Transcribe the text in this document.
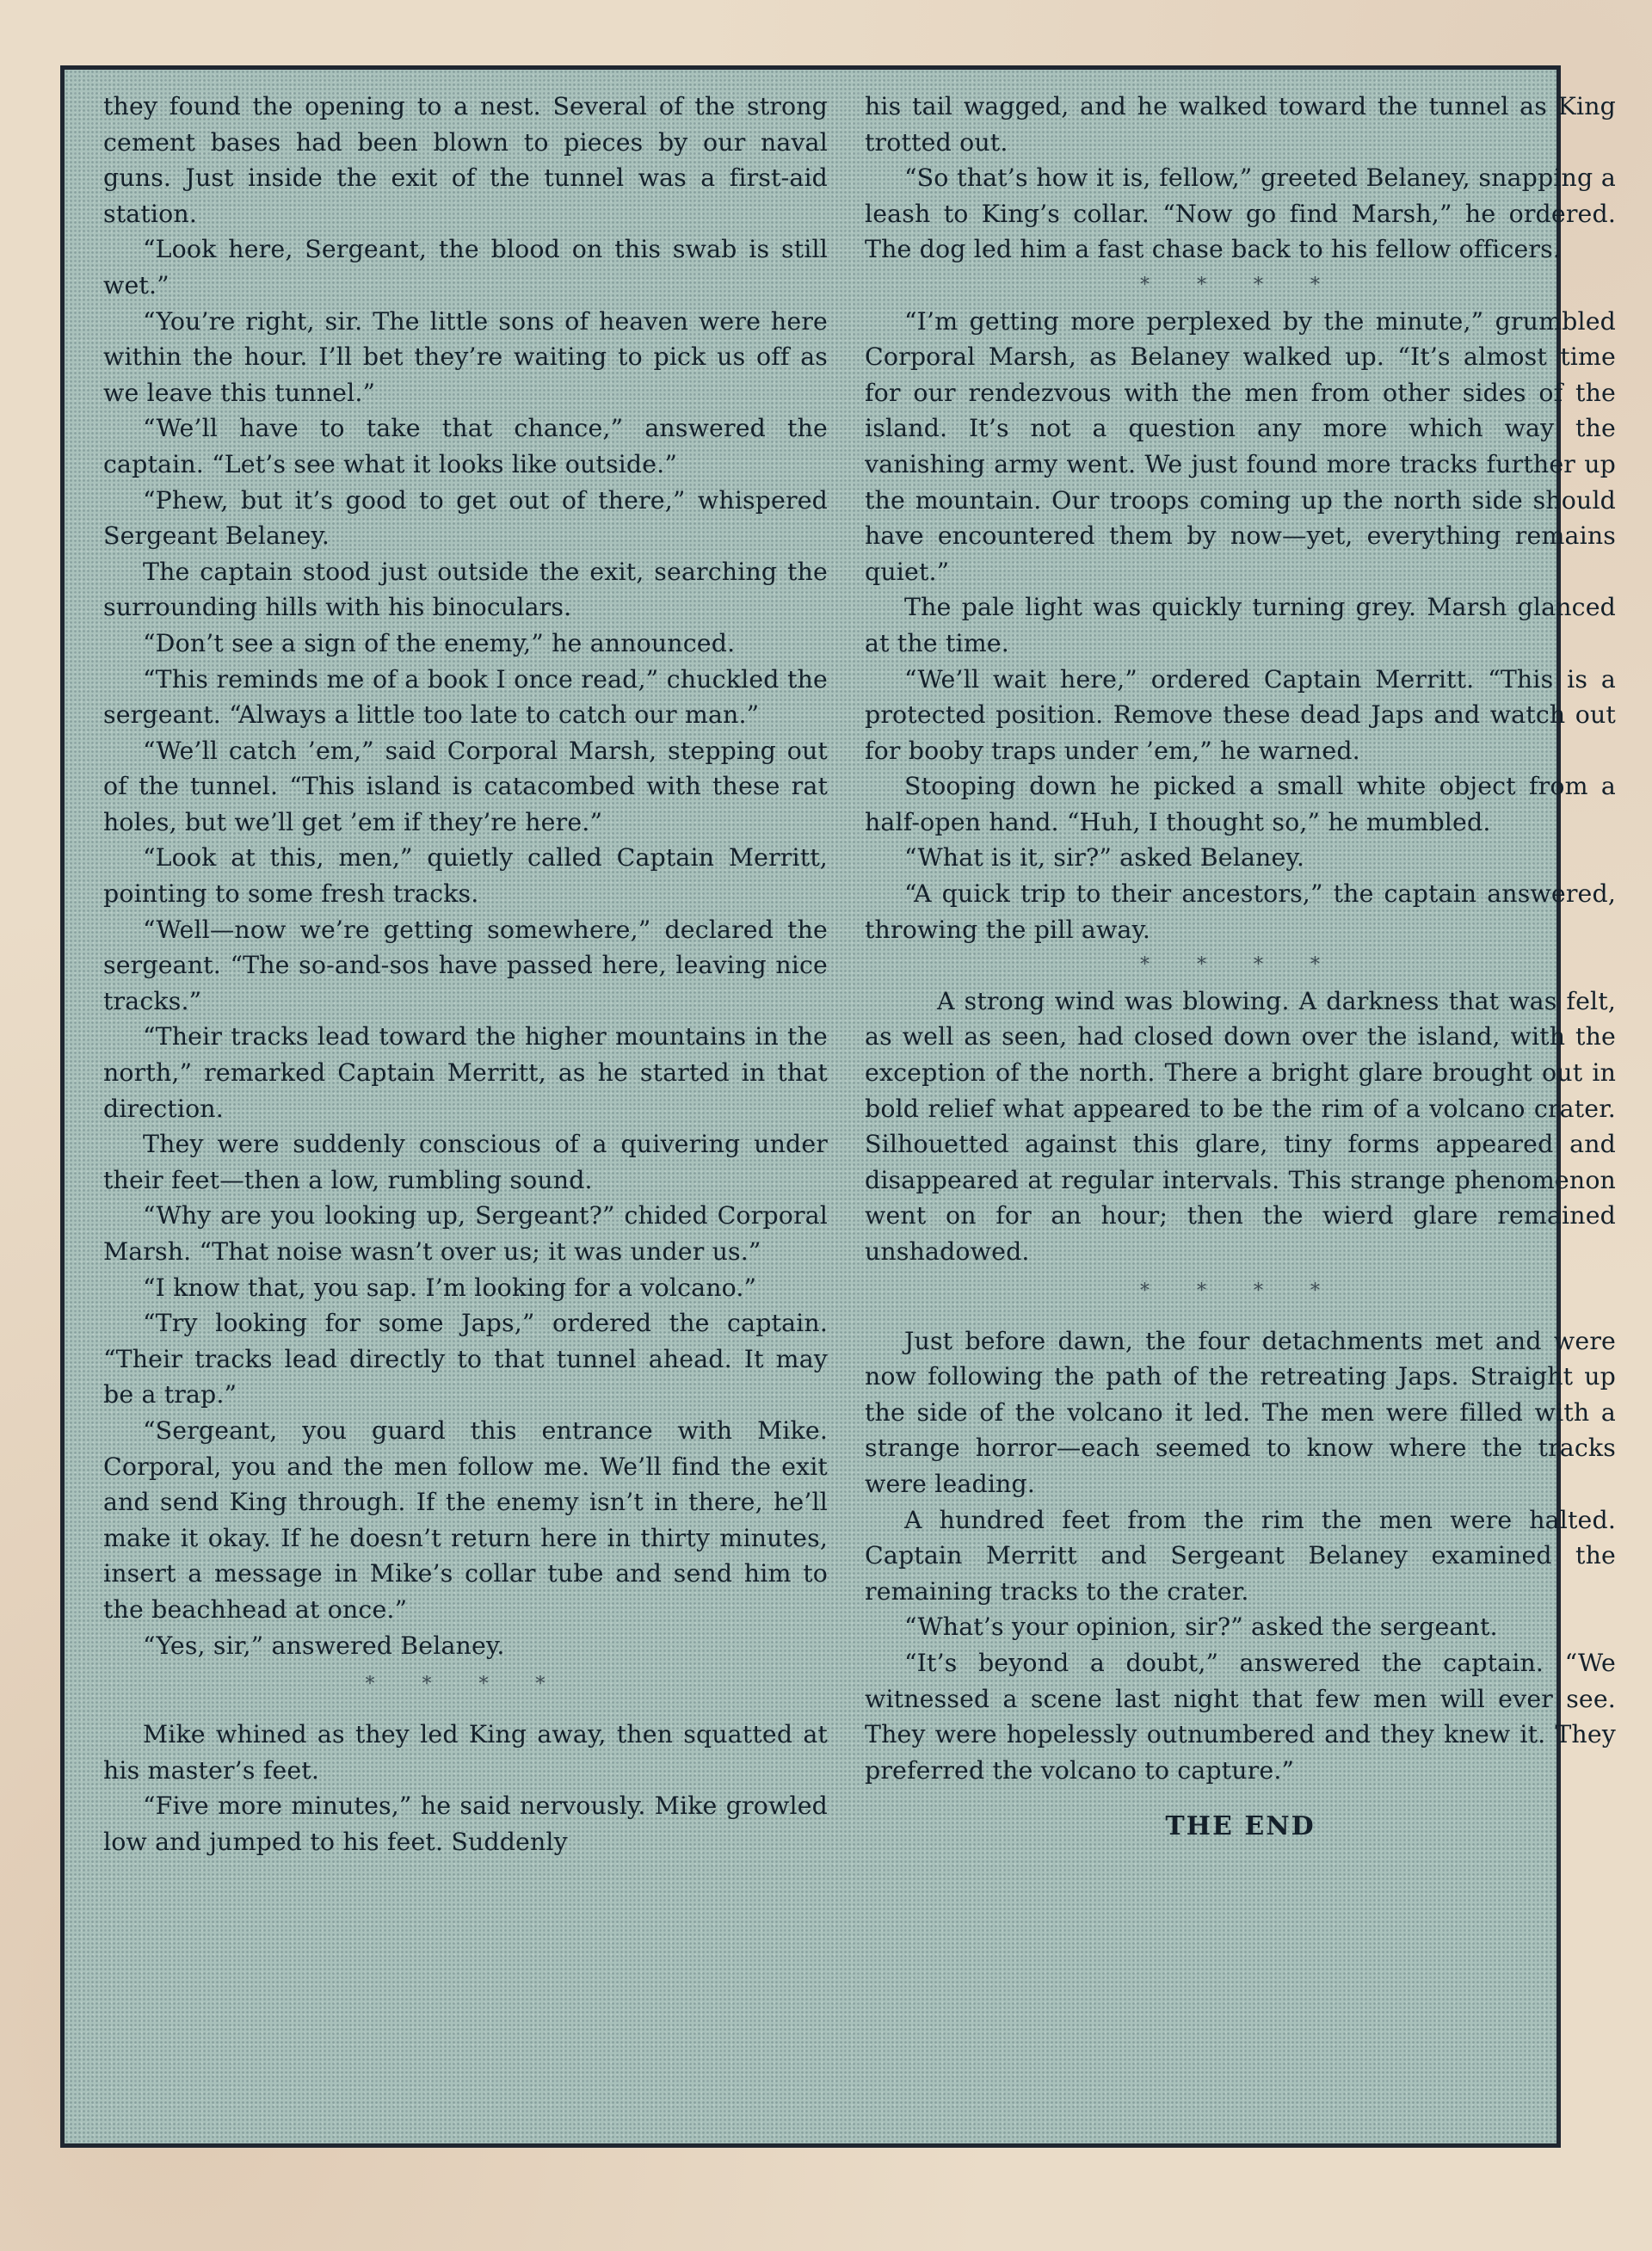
they found the opening to a nest. Several of the strong cement bases had been blown to pieces by our naval guns. Just inside the exit of the tunnel was a first-aid station.

“Look here, Sergeant, the blood on this swab is still wet.”

“You’re right, sir. The little sons of heaven were here within the hour. I’ll bet they’re waiting to pick us off as we leave this tunnel.”

“We’ll have to take that chance,” answered the captain. “Let’s see what it looks like outside.”

“Phew, but it’s good to get out of there,” whispered Sergeant Belaney.

The captain stood just outside the exit, searching the surrounding hills with his binoculars.

“Don’t see a sign of the enemy,” he announced.

“This reminds me of a book I once read,” chuckled the sergeant. “Always a little too late to catch our man.”

“We’ll catch ’em,” said Corporal Marsh, stepping out of the tunnel. “This island is catacombed with these rat holes, but we’ll get ’em if they’re here.”

“Look at this, men,” quietly called Captain Merritt, pointing to some fresh tracks.

“Well—now we’re getting somewhere,” declared the sergeant. “The so-and-sos have passed here, leaving nice tracks.”

“Their tracks lead toward the higher mountains in the north,” remarked Captain Merritt, as he started in that direction.

They were suddenly conscious of a quivering under their feet—then a low, rumbling sound.

“Why are you looking up, Sergeant?” chided Corporal Marsh. “That noise wasn’t over us; it was under us.”

“I know that, you sap. I’m looking for a volcano.”

“Try looking for some Japs,” ordered the captain. “Their tracks lead directly to that tunnel ahead. It may be a trap.”

“Sergeant, you guard this entrance with Mike. Corporal, you and the men follow me. We’ll find the exit and send King through. If the enemy isn’t in there, he’ll make it okay. If he doesn’t return here in thirty minutes, insert a message in Mike’s collar tube and send him to the beachhead at once.”

“Yes, sir,” answered Belaney.

* * * *

Mike whined as they led King away, then squatted at his master’s feet.

“Five more minutes,” he said nervously. Mike growled low and jumped to his feet. Suddenly

his tail wagged, and he walked toward the tunnel as King trotted out.

“So that’s how it is, fellow,” greeted Belaney, snapping a leash to King’s collar. “Now go find Marsh,” he ordered. The dog led him a fast chase back to his fellow officers.

* * * *

“I’m getting more perplexed by the minute,” grumbled Corporal Marsh, as Belaney walked up. “It’s almost time for our rendezvous with the men from other sides of the island. It’s not a question any more which way the vanishing army went. We just found more tracks further up the mountain. Our troops coming up the north side should have encountered them by now—yet, everything remains quiet.”

The pale light was quickly turning grey. Marsh glanced at the time.

“We’ll wait here,” ordered Captain Merritt. “This is a protected position. Remove these dead Japs and watch out for booby traps under ’em,” he warned.

Stooping down he picked a small white object from a half-open hand. “Huh, I thought so,” he mumbled.

“What is it, sir?” asked Belaney.

“A quick trip to their ancestors,” the captain answered, throwing the pill away.

* * * *

A strong wind was blowing. A darkness that was felt, as well as seen, had closed down over the island, with the exception of the north. There a bright glare brought out in bold relief what appeared to be the rim of a volcano crater. Silhouetted against this glare, tiny forms appeared and disappeared at regular intervals. This strange phenomenon went on for an hour; then the wierd glare remained unshadowed.

* * * *

Just before dawn, the four detachments met and were now following the path of the retreating Japs. Straight up the side of the volcano it led. The men were filled with a strange horror—each seemed to know where the tracks were leading.

A hundred feet from the rim the men were halted. Captain Merritt and Sergeant Belaney examined the remaining tracks to the crater.

“What’s your opinion, sir?” asked the sergeant.

“It’s beyond a doubt,” answered the captain. “We witnessed a scene last night that few men will ever see. They were hopelessly outnumbered and they knew it. They preferred the volcano to capture.”

THE END
